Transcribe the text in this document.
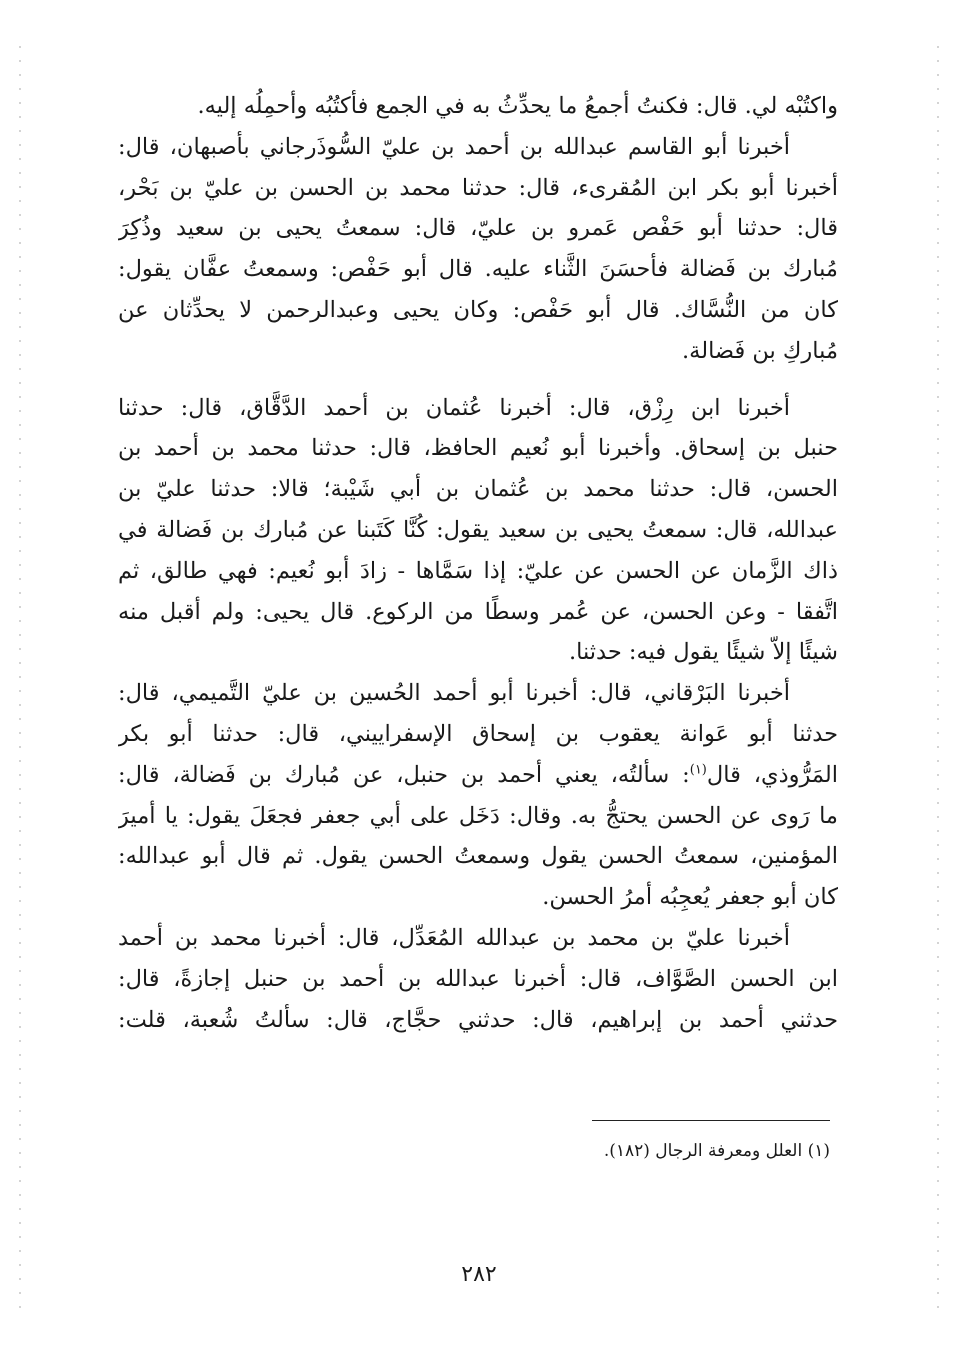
واكتُبْه لي. قال: فكنتُ أجمعُ ما يحدِّثُ به في الجمع فأكتُبُه وأحمِلُه إليه.
أخبرنا أبو القاسم عبدالله بن أحمد بن عليّ السُّوذَرجاني بأصبهان، قال:
أخبرنا أبو بكر ابن المُقرىء، قال: حدثنا محمد بن الحسن بن عليّ بن بَحْر،
قال: حدثنا أبو حَفْص عَمرو بن عليّ، قال: سمعتُ يحيى بن سعيد وذُكِرَ
مُبارك بن فَضالة فأحسَنَ الثَّناء عليه. قال أبو حَفْص: وسمعتُ عفَّان يقول:
كان من النُّسَّاك. قال أبو حَفْص: وكان يحيى وعبدالرحمن لا يحدِّثان عن
مُباركِ بن فَضالة.
أخبرنا ابن رِزْق، قال: أخبرنا عُثمان بن أحمد الدَّقَّاق، قال: حدثنا
حنبل بن إسحاق. وأخبرنا أبو نُعيم الحافظ، قال: حدثنا محمد بن أحمد بن
الحسن، قال: حدثنا محمد بن عُثمان بن أبي شَيْبة؛ قالا: حدثنا عليّ بن
عبدالله، قال: سمعتُ يحيى بن سعيد يقول: كُنَّا كَتَبنا عن مُبارك بن فَضالة في
ذاك الزَّمان عن الحسن عن عليّ: إذا سَمَّاها - زادَ أبو نُعيم: فهي طالق، ثم
اتَّفقا - وعن الحسن، عن عُمر وسطًا من الركوع. قال يحيى: ولم أقبل منه
شيئًا إلاّ شيئًا يقول فيه: حدثنا.
أخبرنا البَرْقاني، قال: أخبرنا أبو أحمد الحُسين بن عليّ التَّميمي، قال:
حدثنا أبو عَوانة يعقوب بن إسحاق الإسفراييني، قال: حدثنا أبو بكر
المَرُّوذي، قال$^{(١)}$: سألتُه، يعني أحمد بن حنبل، عن مُبارك بن فَضالة، قال:
ما رَوى عن الحسن يحتجُّ به. وقال: دَخَل على أبي جعفر فجعَلَ يقول: يا أميرَ
المؤمنين، سمعتُ الحسن يقول وسمعتُ الحسن يقول. ثم قال أبو عبدالله:
كان أبو جعفر يُعجِبُه أمرُ الحسن.
أخبرنا عليّ بن محمد بن عبدالله المُعَدِّل، قال: أخبرنا محمد بن أحمد
ابن الحسن الصَّوَّاف، قال: أخبرنا عبدالله بن أحمد بن حنبل إجازةً، قال:
حدثني أحمد بن إبراهيم، قال: حدثني حجَّاج، قال: سألتُ شُعبة، قلت:
(١) العلل ومعرفة الرجال (١٨٢).
٢٨٢
